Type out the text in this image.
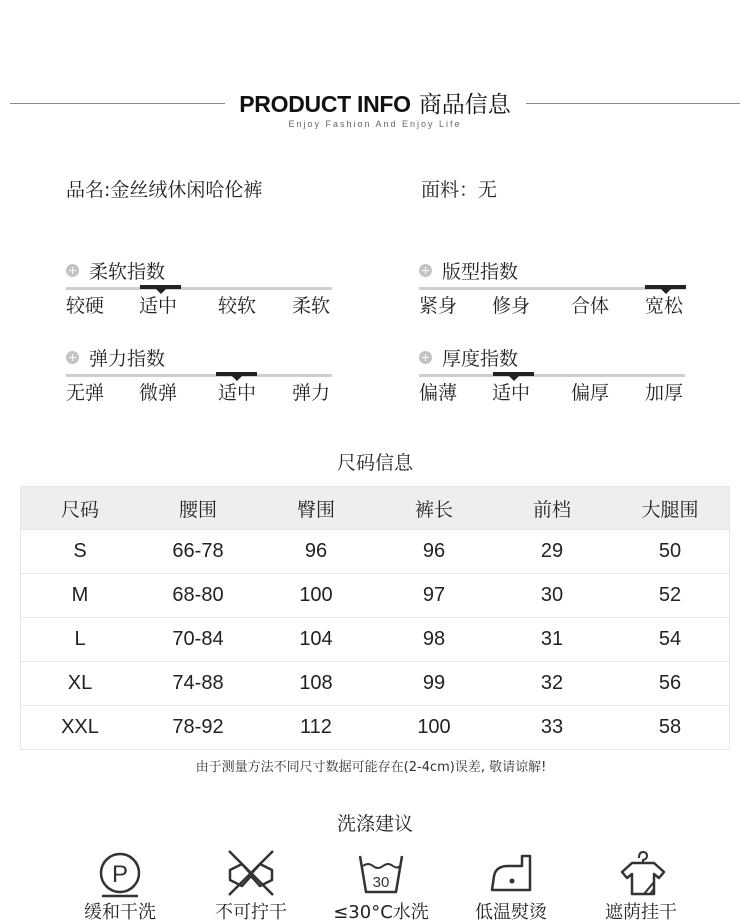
PRODUCT INFO 商品信息
Enjoy Fashion And Enjoy Life
品名:金丝绒休闲哈伦裤	面料：无
柔软指数
较硬 适中 较软 柔软
版型指数
紧身 修身 合体 宽松
弹力指数
无弹 微弹 适中 弹力
厚度指数
偏薄 适中 偏厚 加厚
尺码信息
尺码	腰围	臀围	裤长	前档	大腿围
S	66-78	96	96	29	50
M	68-80	100	97	30	52
L	70-84	104	98	31	54
XL	74-88	108	99	32	56
XXL	78-92	112	100	33	58
由于测量方法不同尺寸数据可能存在(2-4cm)误差, 敬请谅解!
洗涤建议
P
缓和干洗	不可拧干
30
≤30°C水洗	低温熨烫	遮荫挂干
